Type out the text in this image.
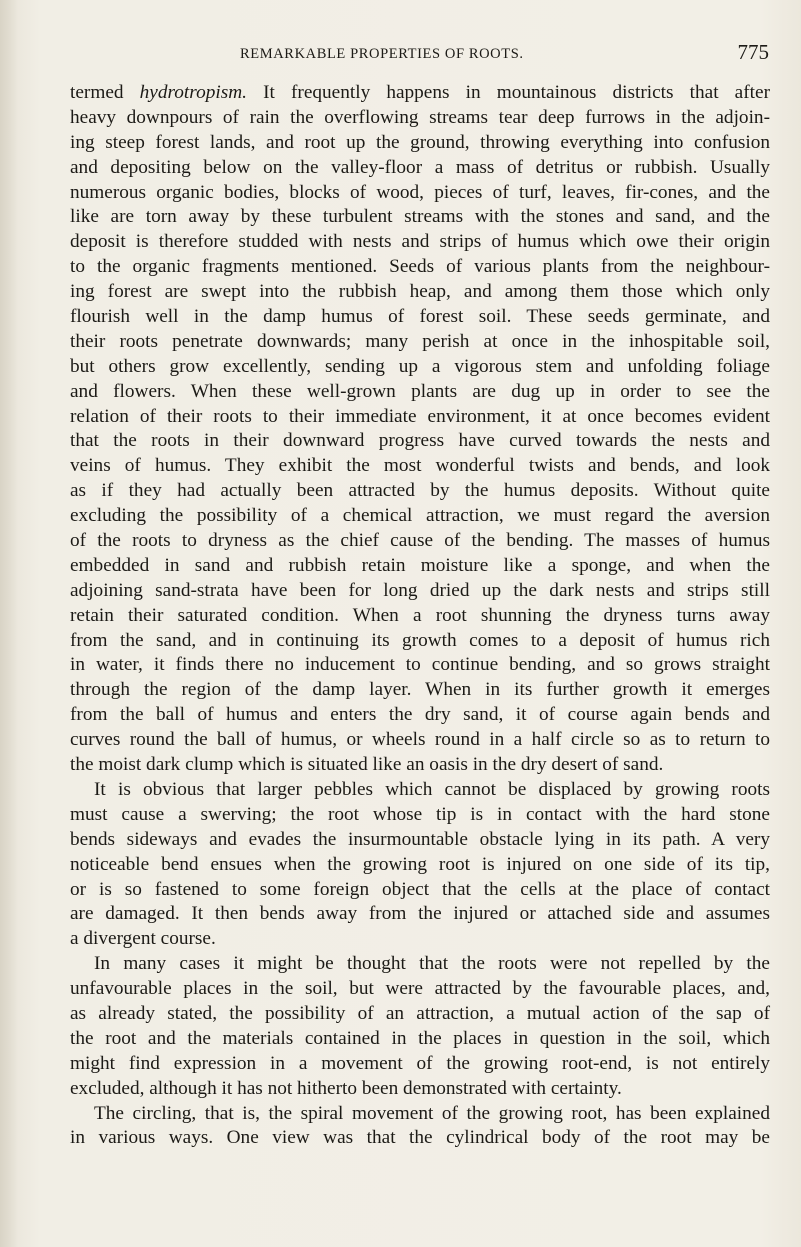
REMARKABLE PROPERTIES OF ROOTS.	775
termed hydrotropism. It frequently happens in mountainous districts that after
heavy downpours of rain the overflowing streams tear deep furrows in the adjoin-
ing steep forest lands, and root up the ground, throwing everything into confusion
and depositing below on the valley-floor a mass of detritus or rubbish. Usually
numerous organic bodies, blocks of wood, pieces of turf, leaves, fir-cones, and the
like are torn away by these turbulent streams with the stones and sand, and the
deposit is therefore studded with nests and strips of humus which owe their origin
to the organic fragments mentioned. Seeds of various plants from the neighbour-
ing forest are swept into the rubbish heap, and among them those which only
flourish well in the damp humus of forest soil. These seeds germinate, and
their roots penetrate downwards; many perish at once in the inhospitable soil,
but others grow excellently, sending up a vigorous stem and unfolding foliage
and flowers. When these well-grown plants are dug up in order to see the
relation of their roots to their immediate environment, it at once becomes evident
that the roots in their downward progress have curved towards the nests and
veins of humus. They exhibit the most wonderful twists and bends, and look
as if they had actually been attracted by the humus deposits. Without quite
excluding the possibility of a chemical attraction, we must regard the aversion
of the roots to dryness as the chief cause of the bending. The masses of humus
embedded in sand and rubbish retain moisture like a sponge, and when the
adjoining sand-strata have been for long dried up the dark nests and strips still
retain their saturated condition. When a root shunning the dryness turns away
from the sand, and in continuing its growth comes to a deposit of humus rich
in water, it finds there no inducement to continue bending, and so grows straight
through the region of the damp layer. When in its further growth it emerges
from the ball of humus and enters the dry sand, it of course again bends and
curves round the ball of humus, or wheels round in a half circle so as to return to
the moist dark clump which is situated like an oasis in the dry desert of sand.
It is obvious that larger pebbles which cannot be displaced by growing roots
must cause a swerving; the root whose tip is in contact with the hard stone
bends sideways and evades the insurmountable obstacle lying in its path. A very
noticeable bend ensues when the growing root is injured on one side of its tip,
or is so fastened to some foreign object that the cells at the place of contact
are damaged. It then bends away from the injured or attached side and assumes
a divergent course.
In many cases it might be thought that the roots were not repelled by the
unfavourable places in the soil, but were attracted by the favourable places, and,
as already stated, the possibility of an attraction, a mutual action of the sap of
the root and the materials contained in the places in question in the soil, which
might find expression in a movement of the growing root-end, is not entirely
excluded, although it has not hitherto been demonstrated with certainty.
The circling, that is, the spiral movement of the growing root, has been explained
in various ways. One view was that the cylindrical body of the root may be
